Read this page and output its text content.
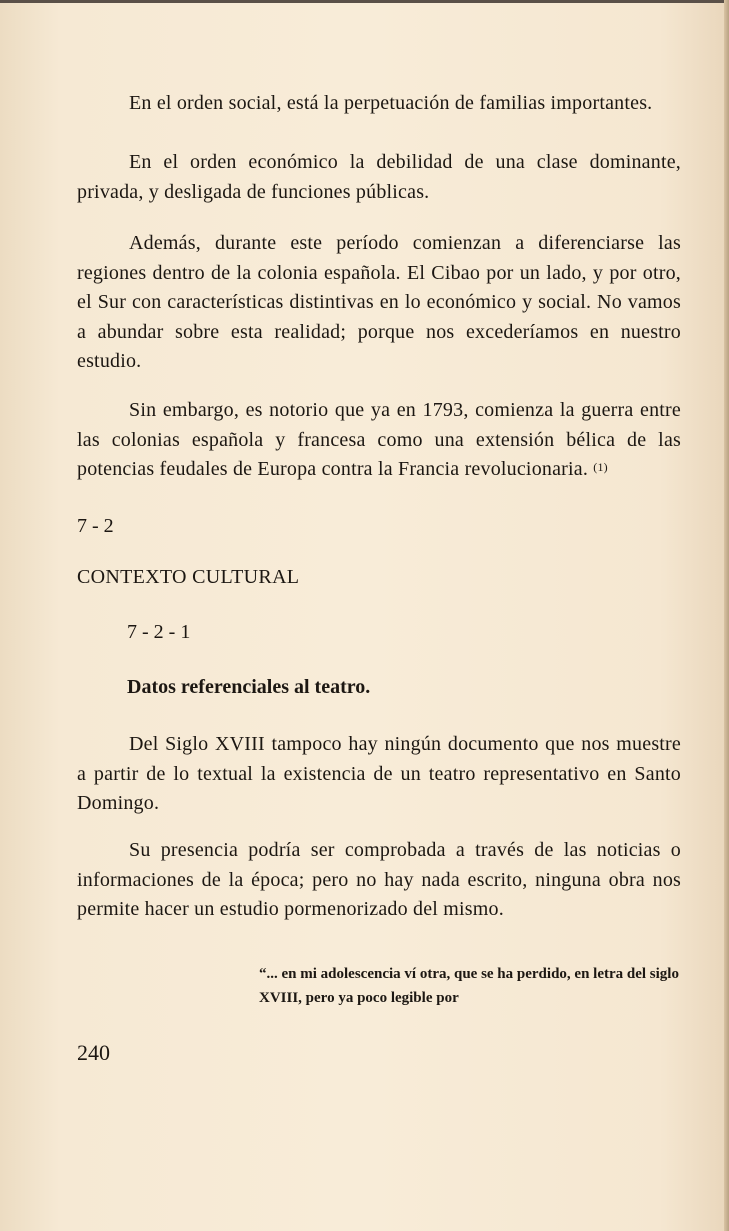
En el orden social, está la perpetuación de familias importantes.

En el orden económico la debilidad de una clase dominante, privada, y desligada de funciones públicas.

Además, durante este período comienzan a diferenciarse las regiones dentro de la colonia española. El Cibao por un lado, y por otro, el Sur con características distintivas en lo económico y social. No vamos a abundar sobre esta realidad; porque nos excederíamos en nuestro estudio.

Sin embargo, es notorio que ya en 1793, comienza la guerra entre las colonias española y francesa como una extensión bélica de las potencias feudales de Europa contra la Francia revolucionaria. $^{(1)}$

7 - 2

CONTEXTO CULTURAL

7 - 2 - 1

Datos referenciales al teatro.

Del Siglo XVIII tampoco hay ningún documento que nos muestre a partir de lo textual la existencia de un teatro representativo en Santo Domingo.

Su presencia podría ser comprobada a través de las noticias o informaciones de la época; pero no hay nada escrito, ninguna obra nos permite hacer un estudio pormenorizado del mismo.

“... en mi adolescencia ví otra, que se ha perdido, en letra del siglo XVIII, pero ya poco legible por

240
